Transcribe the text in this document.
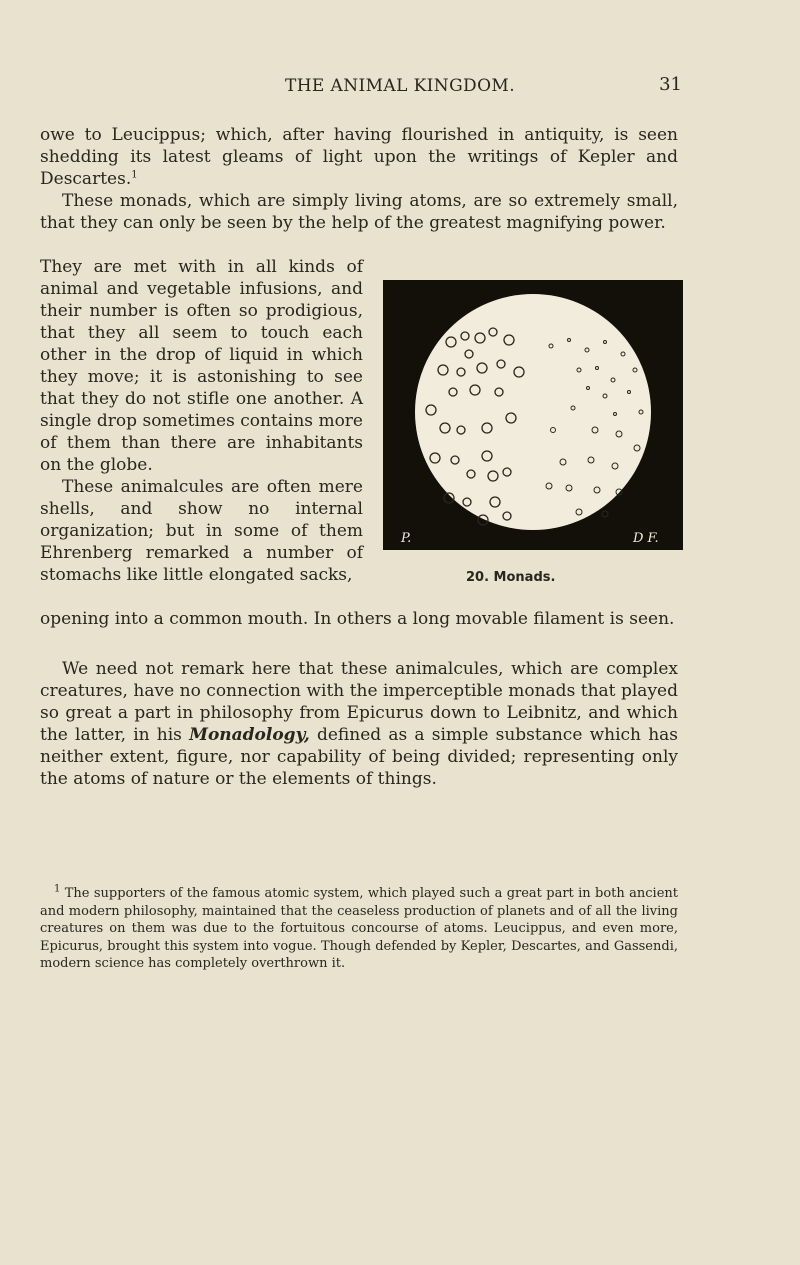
THE ANIMAL KINGDOM.	31

owe to Leucippus; which, after having flourished in antiquity, is seen shedding its latest gleams of light upon the writings of Kepler and Descartes.$^1$

These monads, which are simply living atoms, are so extremely small, that they can only be seen by the help of the greatest magnifying power.

They are met with in all kinds of animal and vegetable infusions, and their number is often so prodigious, that they all seem to touch each other in the drop of liquid in which they move; it is astonishing to see that they do not stifle one another. A single drop sometimes contains more of them than there are inhabitants on the globe.

These animalcules are often mere shells, and show no internal organization; but in some of them Ehrenberg remarked a number of stomachs like little elongated sacks,

opening into a common mouth. In others a long movable filament is seen.

We need not remark here that these animalcules, which are complex creatures, have no connection with the imperceptible monads that played so great a part in philosophy from Epicurus down to Leibnitz, and which the latter, in his Monadology, defined as a simple substance which has neither extent, figure, nor capability of being divided; representing only the atoms of nature or the elements of things.

P.	D F.
20. Monads.

$^1$ The supporters of the famous atomic system, which played such a great part in both ancient and modern philosophy, maintained that the ceaseless production of planets and of all the living creatures on them was due to the fortuitous concourse of atoms. Leucippus, and even more, Epicurus, brought this system into vogue. Though defended by Kepler, Descartes, and Gassendi, modern science has completely overthrown it.
